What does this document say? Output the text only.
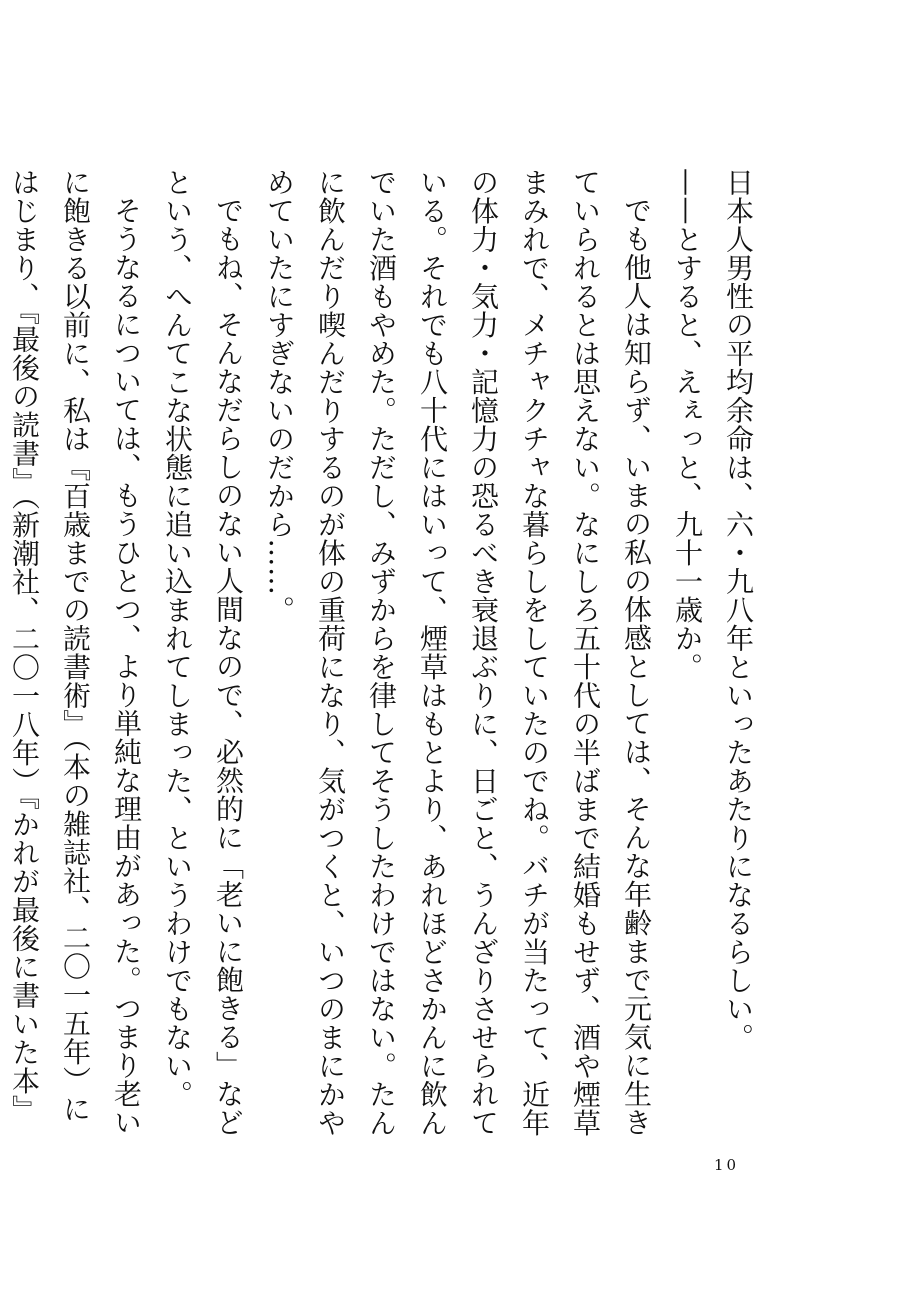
日本人男性の平均余命は、六・九八年といったあたりになるらしい。

——とすると、えぇっと、九十一歳か。

でも他人は知らず、いまの私の体感としては、そんな年齢まで元気に生きていられるとは思えない。なにしろ五十代の半ばまで結婚もせず、酒や煙草まみれで、メチャクチャな暮らしをしていたのでね。バチが当たって、近年の体力・気力・記憶力の恐るべき衰退ぶりに、日ごと、うんざりさせられている。それでも八十代にはいって、煙草はもとより、あれほどさかんに飲んでいた酒もやめた。ただし、みずからを律してそうしたわけではない。たんに飲んだり喫んだりするのが体の重荷になり、気がつくと、いつのまにかやめていたにすぎないのだから……。

でもね、そんなだらしのない人間なので、必然的に「老いに飽きる」などという、へんてこな状態に追い込まれてしまった、というわけでもない。

そうなるについては、もうひとつ、より単純な理由があった。つまり老いに飽きる以前に、私は『百歳までの読書術』（本の雑誌社、二〇一五年）にはじまり、『最後の読書』（新潮社、二〇一八年）『かれが最後に書いた本』

10
